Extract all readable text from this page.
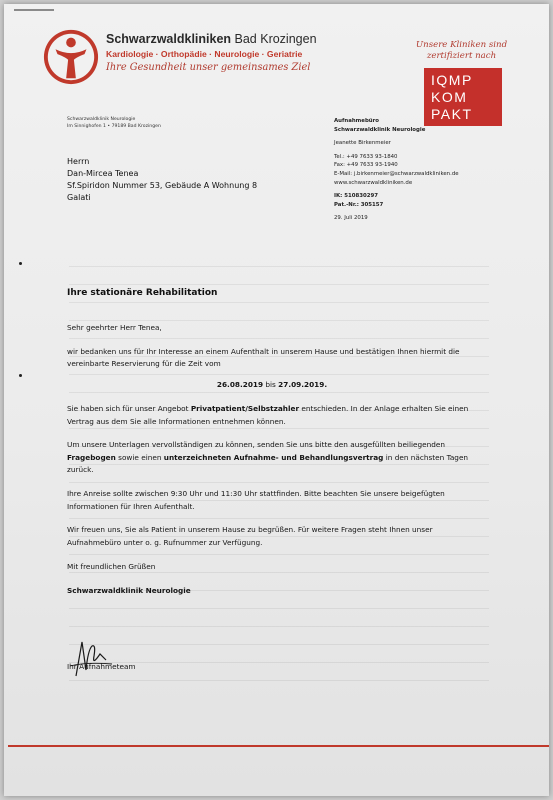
Schwarzwaldkliniken Bad Krozingen
Kardiologie · Orthopädie · Neurologie · Geriatrie
Ihre Gesundheit unser gemeinsames Ziel
Unsere Kliniken sind
zertifiziert nach
IQMP
KOM
PAKT
Schwarzwaldklinik Neurologie
Im Sinnighofen 1 • 79189 Bad Krozingen
Herrn
Dan-Mircea Tenea
Sf.Spiridon Nummer 53, Gebäude A Wohnung 8
Galati
Aufnahmebüro
Schwarzwaldklinik Neurologie
Jeanette Birkenmeier
Tel.: +49 7633 93-1840
Fax: +49 7633 93-1940
E-Mail: j.birkenmeier@schwarzwaldkliniken.de
www.schwarzwaldkliniken.de
IK: 510830297
Pat.-Nr.: 305157
29. Juli 2019
Ihre stationäre Rehabilitation

Sehr geehrter Herr Tenea,

wir bedanken uns für Ihr Interesse an einem Aufenthalt in unserem Hause und bestätigen Ihnen hiermit die vereinbarte Reservierung für die Zeit vom

26.08.2019 bis 27.09.2019.

Sie haben sich für unser Angebot Privatpatient/Selbstzahler entschieden. In der Anlage erhalten Sie einen Vertrag aus dem Sie alle Informationen entnehmen können.

Um unsere Unterlagen vervollständigen zu können, senden Sie uns bitte den ausgefüllten beiliegenden Fragebogen sowie einen unterzeichneten Aufnahme- und Behandlungsvertrag in den nächsten Tagen zurück.

Ihre Anreise sollte zwischen 9:30 Uhr und 11:30 Uhr stattfinden. Bitte beachten Sie unsere beigefügten Informationen für Ihren Aufenthalt.

Wir freuen uns, Sie als Patient in unserem Hause zu begrüßen. Für weitere Fragen steht Ihnen unser Aufnahmebüro unter o. g. Rufnummer zur Verfügung.

Mit freundlichen Grüßen

Schwarzwaldklinik Neurologie

Ihr Aufnahmeteam
